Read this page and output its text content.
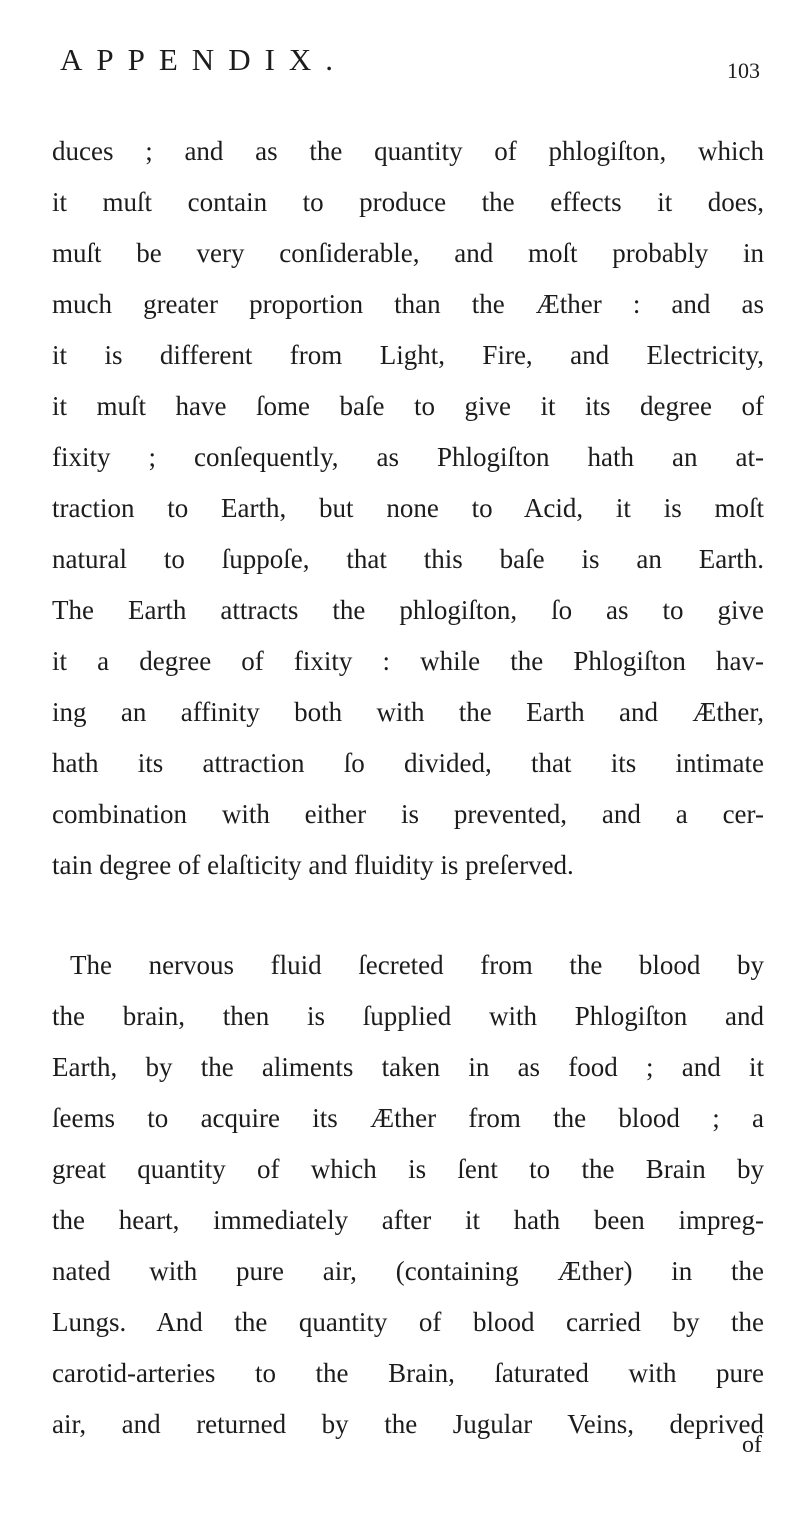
APPENDIX.	103
duces ; and as the quantity of phlogiſton, which
it muſt contain to produce the effects it does,
muſt be very conſiderable, and moſt probably in
much greater proportion than the Æther : and as
it is different from Light, Fire, and Electricity,
it muſt have ſome baſe to give it its degree of
fixity ; conſequently, as Phlogiſton hath an at-
traction to Earth, but none to Acid, it is moſt
natural to ſuppoſe, that this baſe is an Earth.
The Earth attracts the phlogiſton, ſo as to give
it a degree of fixity : while the Phlogiſton hav-
ing an affinity both with the Earth and Æther,
hath its attraction ſo divided, that its intimate
combination with either is prevented, and a cer-
tain degree of elaſticity and fluidity is preſerved.
The nervous fluid ſecreted from the blood by
the brain, then is ſupplied with Phlogiſton and
Earth, by the aliments taken in as food ; and it
ſeems to acquire its Æther from the blood ; a
great quantity of which is ſent to the Brain by
the heart, immediately after it hath been impreg-
nated with pure air, (containing Æther) in the
Lungs. And the quantity of blood carried by the
carotid-arteries to the Brain, ſaturated with pure
air, and returned by the Jugular Veins, deprived
of
